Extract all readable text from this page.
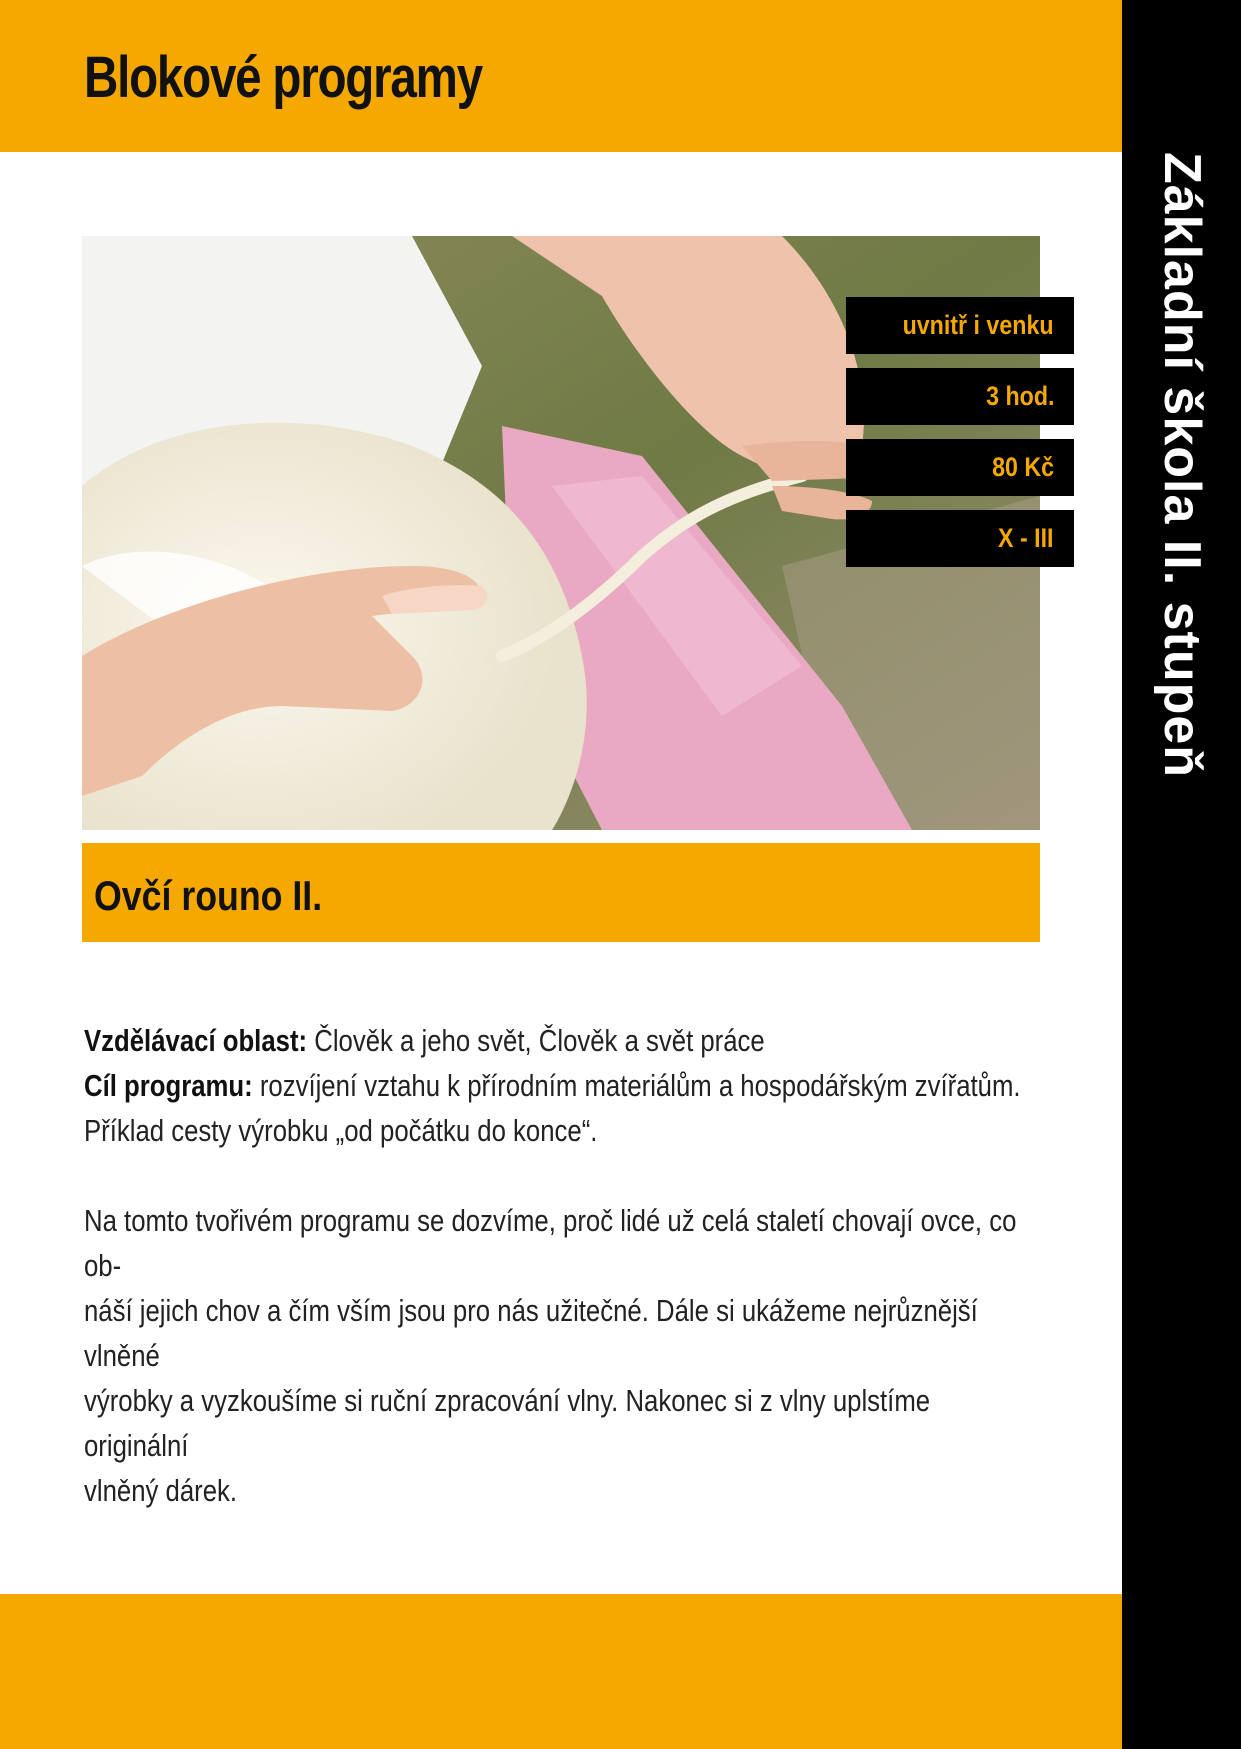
Blokové programy
Základní škola II. stupeň
uvnitř i venku
3 hod.
80 Kč
X - III
Ovčí rouno II.

Vzdělávací oblast: Člověk a jeho svět, Člověk a svět práce

Cíl programu: rozvíjení vztahu k přírodním materiálům a hospodářským zvířatům.

Příklad cesty výrobku „od počátku do konce“.

Na tomto tvořivém programu se dozvíme, proč lidé už celá staletí chovají ovce, co ob-

náší jejich chov a čím vším jsou pro nás užitečné. Dále si ukážeme nejrůznější vlněné

výrobky a vyzkoušíme si ruční zpracování vlny. Nakonec si z vlny uplstíme originální

vlněný dárek.
